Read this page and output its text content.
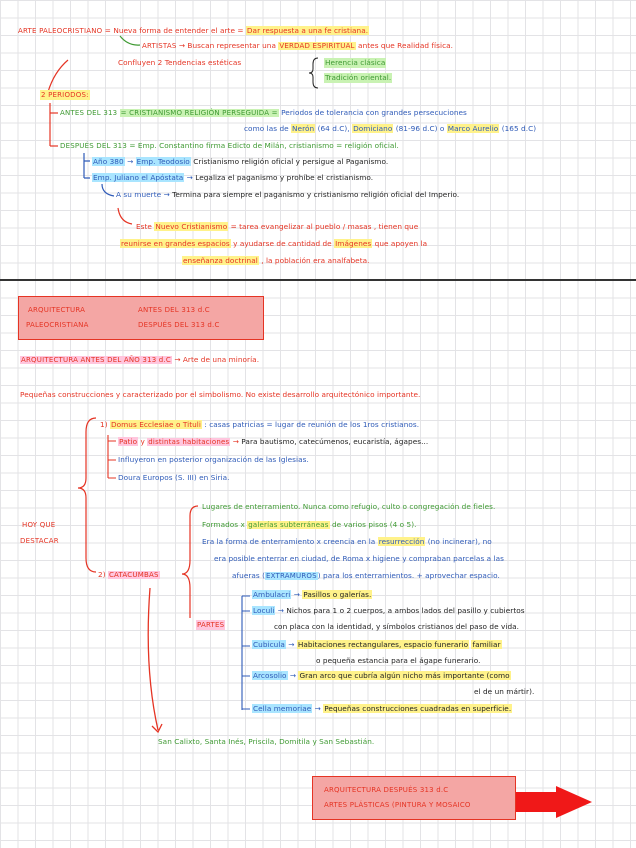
ARTE PALEOCRISTIANO = Nueva forma de entender el arte = Dar respuesta a una fe cristiana.
ARTISTAS → Buscan representar una VERDAD ESPIRITUAL antes que Realidad física.
Confluyen 2 Tendencias estéticas	Herencia clásica
Tradición oriental.
2 PERIODOS:
ANTES DEL 313 = CRISTIANISMO RELIGIÓN PERSEGUIDA = Periodos de tolerancia con grandes persecuciones
como las de Nerón (64 d.C), Domiciano (81-96 d.C) o Marco Aurelio (165 d.C)
DESPUÉS DEL 313 = Emp. Constantino firma Edicto de Milán, cristianismo = religión oficial.
Año 380 → Emp. Teodosio Cristianismo religión oficial y persigue al Paganismo.
Emp. Juliano el Apóstata → Legaliza el paganismo y prohíbe el cristianismo.
A su muerte → Termina para siempre el paganismo y cristianismo religión oficial del Imperio.
Este Nuevo Cristianismo = tarea evangelizar al pueblo / masas , tienen que
reunirse en grandes espacios y ayudarse de cantidad de Imágenes que apoyen la
enseñanza doctrinal , la población era analfabeta.
ARQUITECTURA
PALEOCRISTIANA
ANTES DEL 313 d.C
DESPUÉS DEL 313 d.C
ARQUITECTURA ANTES DEL AÑO 313 d.C → Arte de una minoría.
Pequeñas construcciones y caracterizado por el simbolismo. No existe desarrollo arquitectónico importante.
HOY QUE
DESTACAR
1) Domus Ecclesiae o Tituli : casas patricias = lugar de reunión de los 1ros cristianos.
Patio y distintas habitaciones → Para bautismo, catecúmenos, eucaristía, ágapes...
Influyeron en posterior organización de las Iglesias.
Doura Europos (S. III) en Siria.
2) CATACUMBAS
Lugares de enterramiento. Nunca como refugio, culto o congregación de fieles.
Formados x galerías subterráneas de varios pisos (4 o 5).
Era la forma de enterramiento x creencia en la resurrección (no incinerar), no
era posible enterrar en ciudad, de Roma x higiene y compraban parcelas a las
afueras (EXTRAMUROS) para los enterramientos. + aprovechar espacio.
PARTES
Ambulacri → Pasillos o galerías.
Loculi → Nichos para 1 o 2 cuerpos, a ambos lados del pasillo y cubiertos
con placa con la identidad, y símbolos cristianos del paso de vida.
Cubicula → Habitaciones rectangulares, espacio funerario familiar
o pequeña estancia para el ágape funerario.
Arcosolio → Gran arco que cubría algún nicho más importante (como
el de un mártir).
Cella memoriae → Pequeñas construcciones cuadradas en superficie.
San Calixto, Santa Inés, Priscila, Domitila y San Sebastián.
ARQUITECTURA DESPUÉS 313 d.C
ARTES PLÁSTICAS (PINTURA Y MOSAICO
